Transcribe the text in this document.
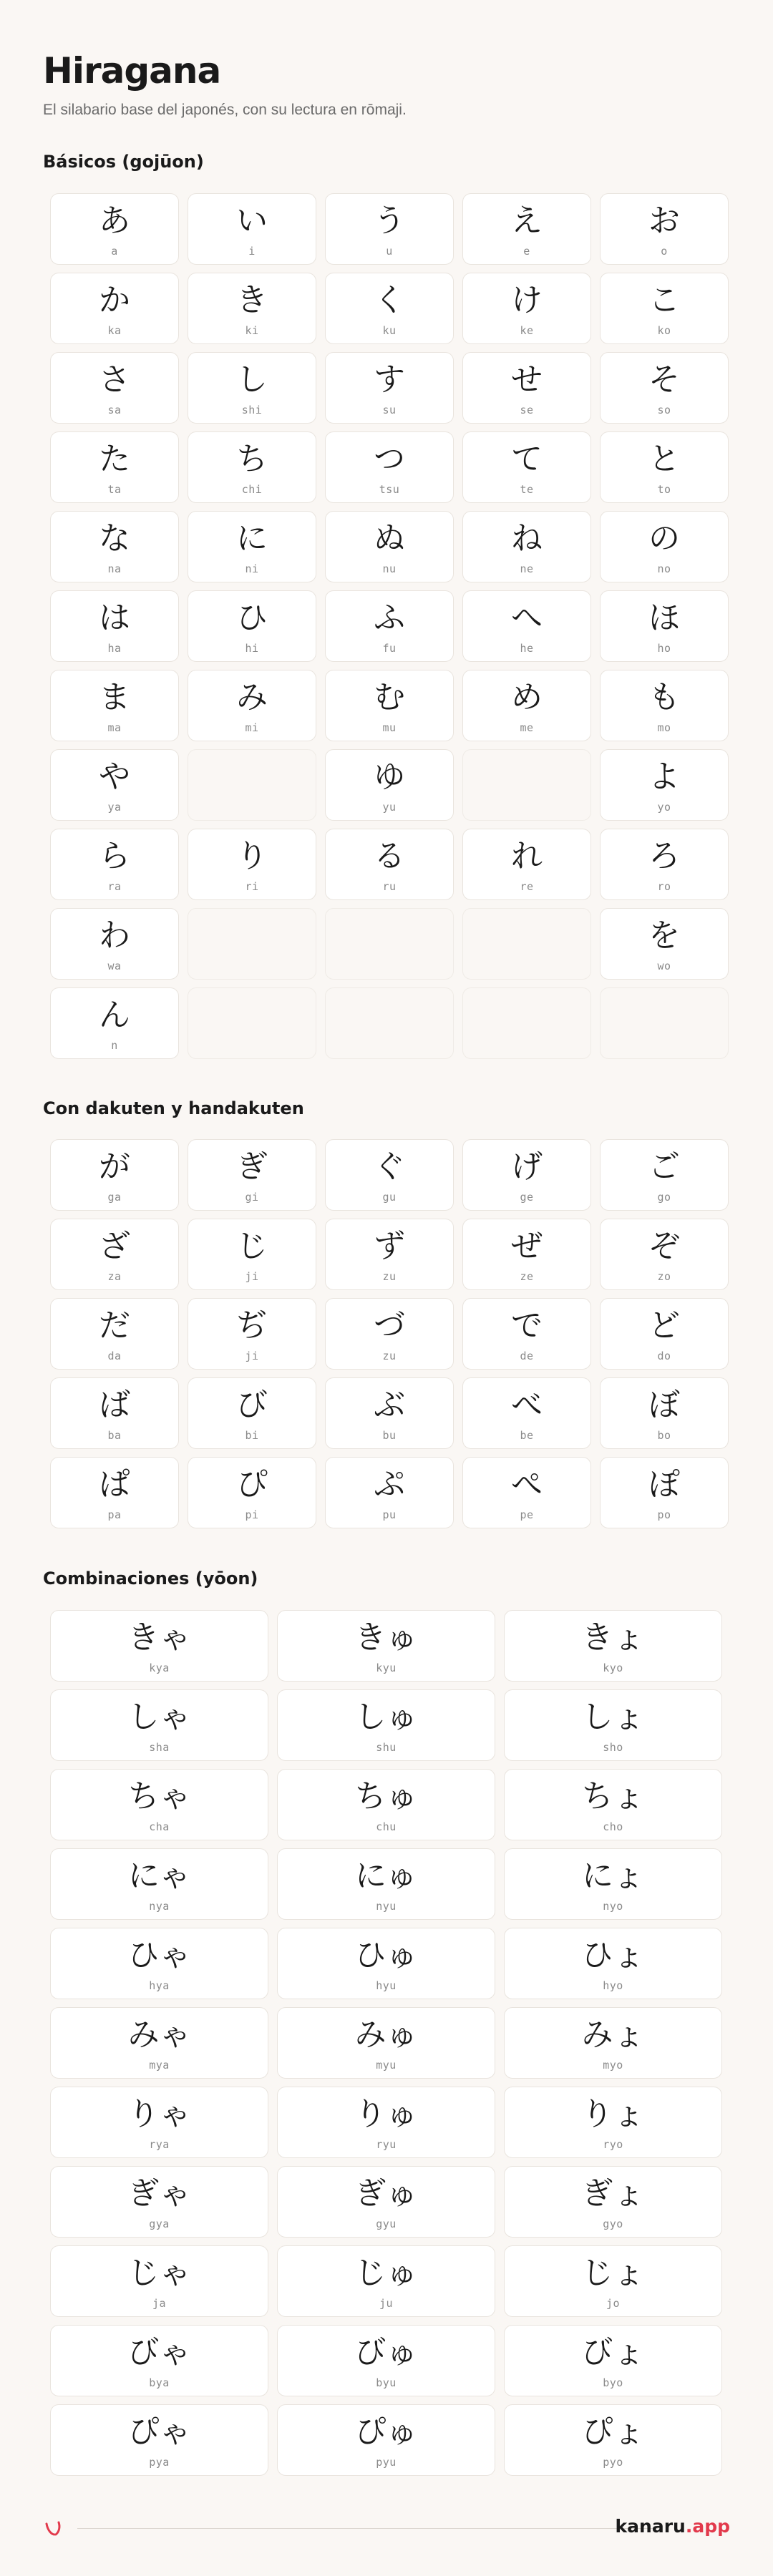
Hiragana

El silabario base del japonés, con su lectura en rōmaji.

Básicos (gojūon)
あ
a
い
i
う
u
え
e
お
o
か
ka
き
ki
く
ku
け
ke
こ
ko
さ
sa
し
shi
す
su
せ
se
そ
so
た
ta
ち
chi
つ
tsu
て
te
と
to
な
na
に
ni
ぬ
nu
ね
ne
の
no
は
ha
ひ
hi
ふ
fu
へ
he
ほ
ho
ま
ma
み
mi
む
mu
め
me
も
mo
や
ya
ゆ
yu
よ
yo
ら
ra
り
ri
る
ru
れ
re
ろ
ro
わ
wa
を
wo
ん
n
Con dakuten y handakuten
が
ga
ぎ
gi
ぐ
gu
げ
ge
ご
go
ざ
za
じ
ji
ず
zu
ぜ
ze
ぞ
zo
だ
da
ぢ
ji
づ
zu
で
de
ど
do
ば
ba
び
bi
ぶ
bu
べ
be
ぼ
bo
ぱ
pa
ぴ
pi
ぷ
pu
ぺ
pe
ぽ
po
Combinaciones (yōon)
きゃ
kya
きゅ
kyu
きょ
kyo
しゃ
sha
しゅ
shu
しょ
sho
ちゃ
cha
ちゅ
chu
ちょ
cho
にゃ
nya
にゅ
nyu
にょ
nyo
ひゃ
hya
ひゅ
hyu
ひょ
hyo
みゃ
mya
みゅ
myu
みょ
myo
りゃ
rya
りゅ
ryu
りょ
ryo
ぎゃ
gya
ぎゅ
gyu
ぎょ
gyo
じゃ
ja
じゅ
ju
じょ
jo
びゃ
bya
びゅ
byu
びょ
byo
ぴゃ
pya
ぴゅ
pyu
ぴょ
pyo
kanaru.app
